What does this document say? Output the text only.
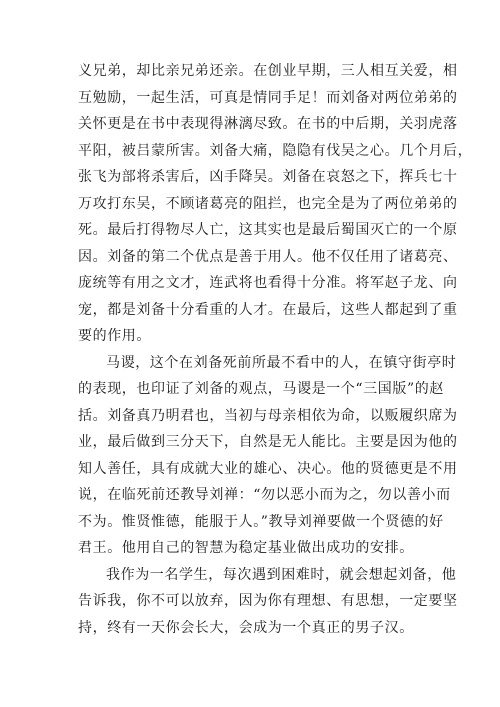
义兄弟，却比亲兄弟还亲。在创业早期，三人相互关爱，相
互勉励，一起生活，可真是情同手足！而刘备对两位弟弟的
关怀更是在书中表现得淋漓尽致。在书的中后期，关羽虎落
平阳，被吕蒙所害。刘备大痛，隐隐有伐吴之心。几个月后，
张飞为部将杀害后，凶手降吴。刘备在哀怒之下，挥兵七十
万攻打东吴，不顾诸葛亮的阻拦，也完全是为了两位弟弟的
死。最后打得物尽人亡，这其实也是最后蜀国灭亡的一个原
因。刘备的第二个优点是善于用人。他不仅任用了诸葛亮、
庞统等有用之文才，连武将也看得十分准。将军赵子龙、向
宠，都是刘备十分看重的人才。在最后，这些人都起到了重
要的作用。

马谡，这个在刘备死前所最不看中的人，在镇守街亭时
的表现，也印证了刘备的观点，马谡是一个“三国版”的赵
括。刘备真乃明君也，当初与母亲相依为命，以贩履织席为
业，最后做到三分天下，自然是无人能比。主要是因为他的
知人善任，具有成就大业的雄心、决心。他的贤德更是不用
说，在临死前还教导刘禅：“勿以恶小而为之，勿以善小而
不为。惟贤惟德，能服于人。”教导刘禅要做一个贤德的好
君王。他用自己的智慧为稳定基业做出成功的安排。

我作为一名学生，每次遇到困难时，就会想起刘备，他
告诉我，你不可以放弃，因为你有理想、有思想，一定要坚
持，终有一天你会长大，会成为一个真正的男子汉。
